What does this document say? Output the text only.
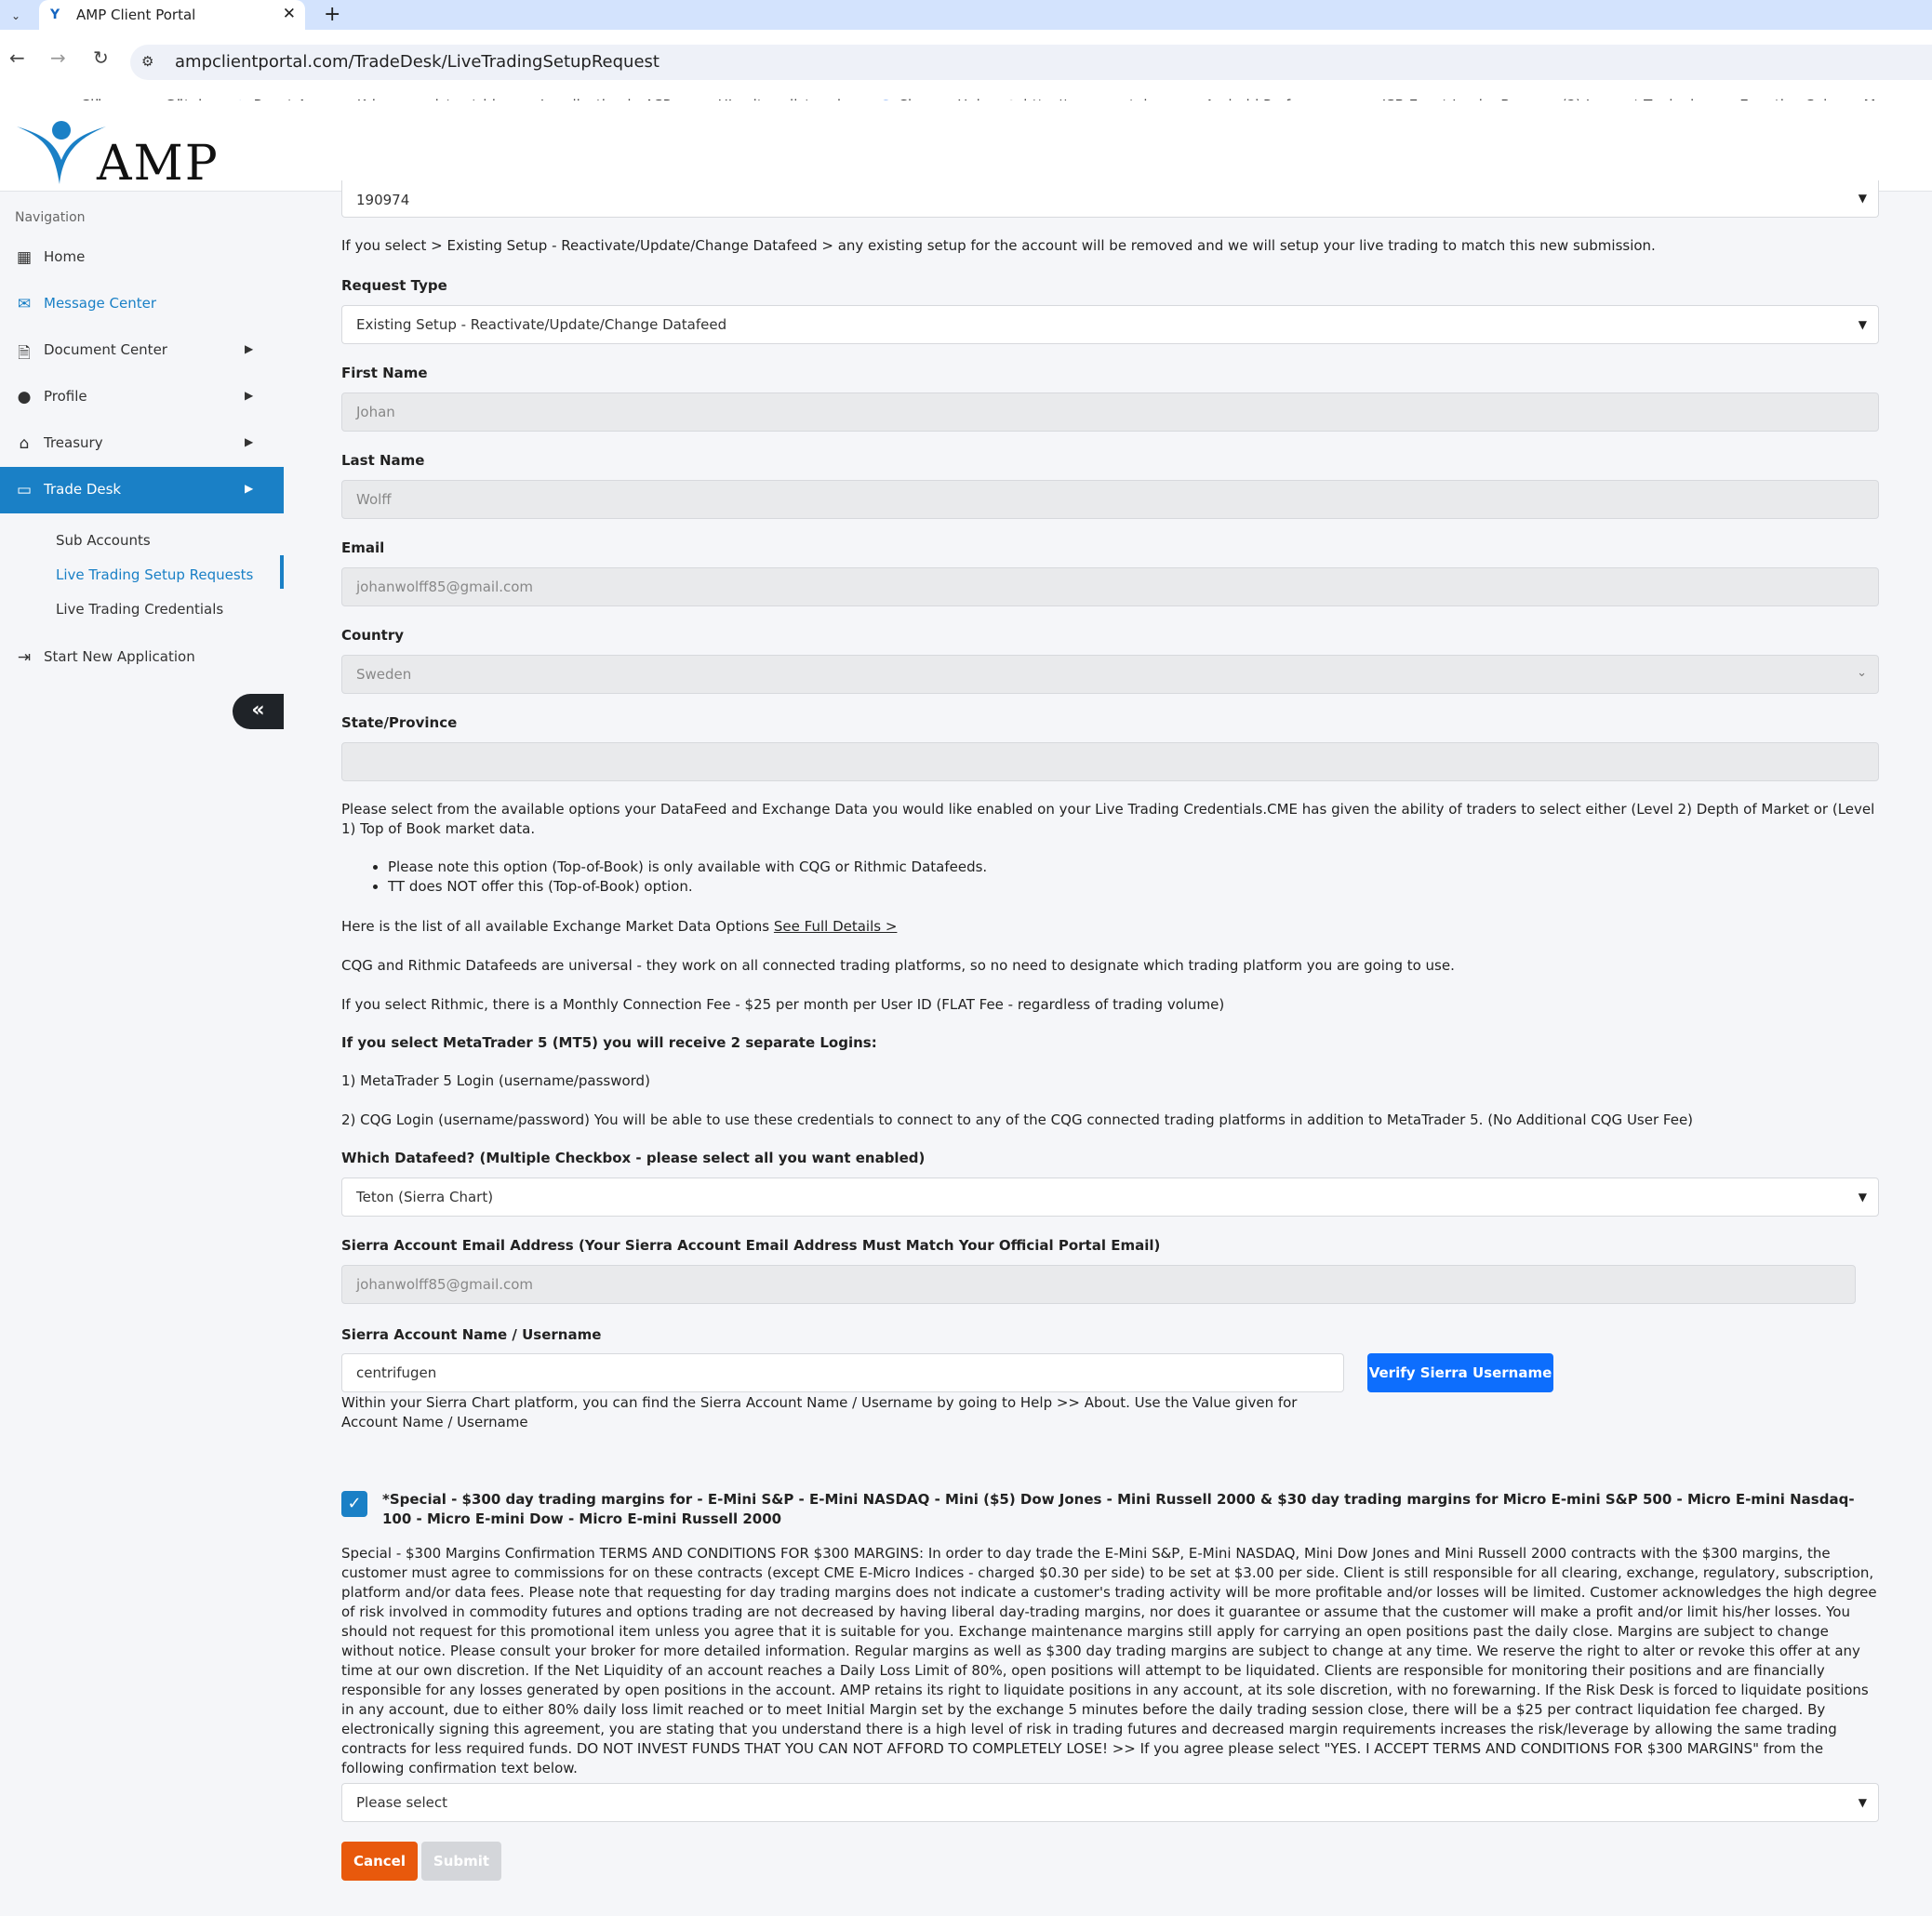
⌄	Y AMP Client Portal	✕ +
← → ↻ ⚙ ampclientportal.com/TradeDesk/LiveTradingSetupRequest
AMP
Navigation
▦ Home
✉ Message Center
🗎 Document Center	▶
● Profile	▶
⌂	Treasury	▶
▭ Trade Desk	▶
Sub Accounts
Live Trading Setup Requests
Live Trading Credentials
⇥ Start New Application
«
190974	▼
If you select > Existing Setup - Reactivate/Update/Change Datafeed > any existing setup for the account will be removed and we will setup your live trading to match this new submission.
Request Type
Existing Setup - Reactivate/Update/Change Datafeed	▼
First Name
Johan
Last Name
Wolff
Email
johanwolff85@gmail.com
Country
Sweden	⌄
State/Province
Please select from the available options your DataFeed and Exchange Data you would like enabled on your Live Trading Credentials.CME has given the ability of traders to select either (Level 2) Depth of Market or (Level 1) Top of Book market data.
• Please note this option (Top-of-Book) is only available with CQG or Rithmic Datafeeds.
• TT does NOT offer this (Top-of-Book) option.
Here is the list of all available Exchange Market Data Options See Full Details >
CQG and Rithmic Datafeeds are universal - they work on all connected trading platforms, so no need to designate which trading platform you are going to use.
If you select Rithmic, there is a Monthly Connection Fee - $25 per month per User ID (FLAT Fee - regardless of trading volume)
If you select MetaTrader 5 (MT5) you will receive 2 separate Logins:
1) MetaTrader 5 Login (username/password)
2) CQG Login (username/password) You will be able to use these credentials to connect to any of the CQG connected trading platforms in addition to MetaTrader 5. (No Additional CQG User Fee)
Which Datafeed? (Multiple Checkbox - please select all you want enabled)
Teton (Sierra Chart)	▼
Sierra Account Email Address (Your Sierra Account Email Address Must Match Your Official Portal Email)
johanwolff85@gmail.com
Sierra Account Name / Username
centrifugen	Verify Sierra Username
Within your Sierra Chart platform, you can find the Sierra Account Name / Username by going to Help >> About. Use the Value given for Account Name / Username
✓	*Special - $300 day trading margins for - E-Mini S&P - E-Mini NASDAQ - Mini ($5) Dow Jones - Mini Russell 2000 & $30 day trading margins for Micro E-mini S&P 500 - Micro E-mini Nasdaq-100 - Micro E-mini Dow - Micro E-mini Russell 2000
Special - $300 Margins Confirmation TERMS AND CONDITIONS FOR $300 MARGINS: In order to day trade the E-Mini S&P, E-Mini NASDAQ, Mini Dow Jones and Mini Russell 2000 contracts with the $300 margins, the customer must agree to commissions for on these contracts (except CME E-Micro Indices - charged $0.30 per side) to be set at $3.00 per side. Client is still responsible for all clearing, exchange, regulatory, subscription, platform and/or data fees. Please note that requesting for day trading margins does not indicate a customer's trading activity will be more profitable and/or losses will be limited. Customer acknowledges the high degree of risk involved in commodity futures and options trading are not decreased by having liberal day-trading margins, nor does it guarantee or assume that the customer will make a profit and/or limit his/her losses. You should not request for this promotional item unless you agree that it is suitable for you. Exchange maintenance margins still apply for carrying an open positions past the daily close. Margins are subject to change without notice. Please consult your broker for more detailed information. Regular margins as well as $300 day trading margins are subject to change at any time. We reserve the right to alter or revoke this offer at any time at our own discretion. If the Net Liquidity of an account reaches a Daily Loss Limit of 80%, open positions will attempt to be liquidated. Clients are responsible for monitoring their positions and are financially responsible for any losses generated by open positions in the account. AMP retains its right to liquidate positions in any account, at its sole discretion, with no forewarning. If the Risk Desk is forced to liquidate positions in any account, due to either 80% daily loss limit reached or to meet Initial Margin set by the exchange 5 minutes before the daily trading session close, there will be a $25 per contract liquidation fee charged. By electronically signing this agreement, you are stating that you understand there is a high level of risk in trading futures and decreased margin requirements increases the risk/leverage by allowing the same trading contracts for less required funds. DO NOT INVEST FUNDS THAT YOU CAN NOT AFFORD TO COMPLETELY LOSE! >> If you agree please select "YES. I ACCEPT TERMS AND CONDITIONS FOR $300 MARGINS" from the following confirmation text below.
Please select	▼
Cancel	Submit
